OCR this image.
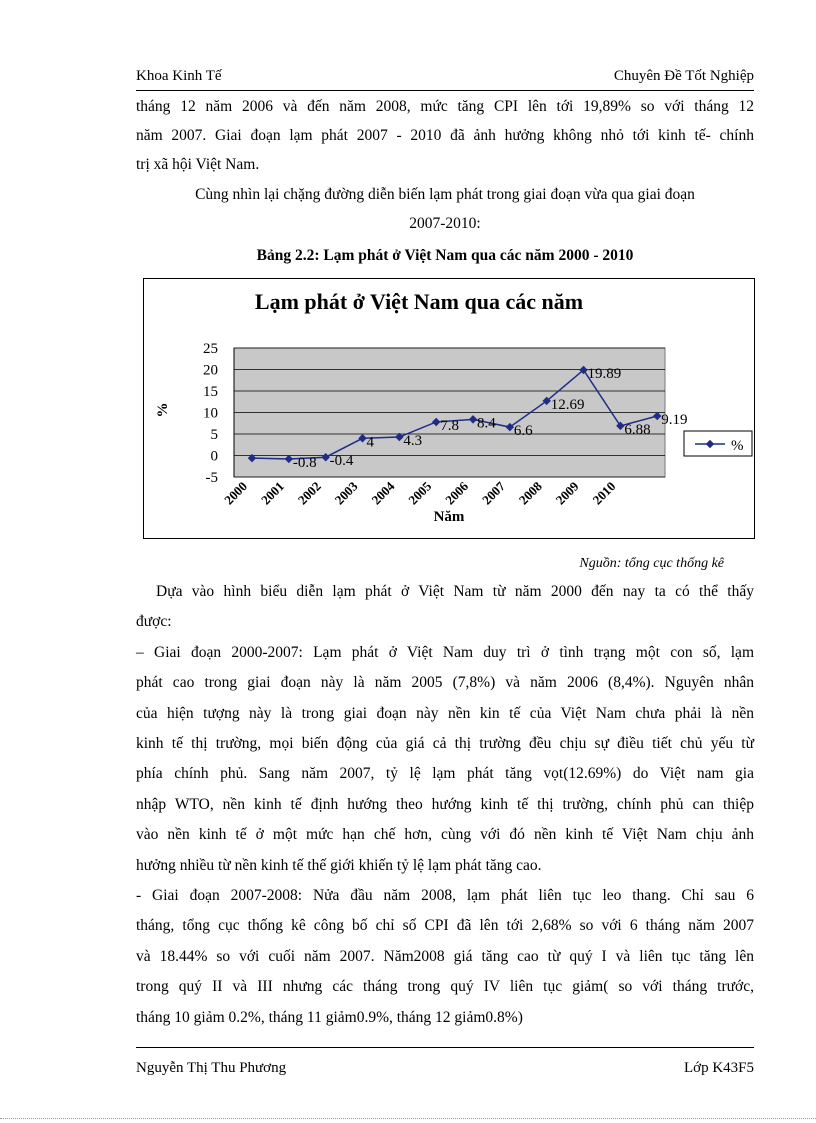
Khoa Kinh Tế	Chuyên Đề Tốt Nghiệp
tháng 12 năm 2006 và đến năm 2008, mức tăng CPI lên tới 19,89% so với tháng 12
năm 2007. Giai đoạn lạm phát 2007 - 2010 đã ảnh hưởng không nhỏ tới kinh tế- chính
trị xã hội Việt Nam.
Cùng nhìn lại chặng đường diễn biến lạm phát trong giai đoạn vừa qua giai đoạn
2007-2010:
Bảng 2.2: Lạm phát ở Việt Nam qua các năm 2000 - 2010
Lạm phát ở Việt Nam qua các năm
25
20
15
10
5
0
-5
2000 2001 2002 2003 2004 2005 2006 2007 2008 2009 2010
-0.8 -0.4
4 4.3
7.8 8.4 6.6
12.69
19.89
6.88
9.19
%
Năm
%
Nguồn: tổng cục thống kê
Dựa vào hình biểu diễn lạm phát ở Việt Nam từ năm 2000 đến nay ta có thể thấy
được:
– Giai đoạn 2000-2007: Lạm phát ở Việt Nam duy trì ở tình trạng một con số, lạm
phát cao trong giai đoạn này là năm 2005 (7,8%) và năm 2006 (8,4%). Nguyên nhân
của hiện tượng này là trong giai đoạn này nền kin tế của Việt Nam chưa phải là nền
kinh tế thị trường, mọi biến động của giá cả thị trường đều chịu sự điều tiết chủ yếu từ
phía chính phủ. Sang năm 2007, tỷ lệ lạm phát tăng vọt(12.69%) do Việt nam gia
nhập WTO, nền kinh tế định hướng theo hướng kinh tế thị trường, chính phủ can thiệp
vào nền kinh tế ở một mức hạn chế hơn, cùng với đó nền kinh tế Việt Nam chịu ảnh
hưởng nhiều từ nền kinh tế thế giới khiến tỷ lệ lạm phát tăng cao.
- Giai đoạn 2007-2008: Nửa đầu năm 2008, lạm phát liên tục leo thang. Chỉ sau 6
tháng, tổng cục thống kê công bố chỉ số CPI đã lên tới 2,68% so với 6 tháng năm 2007
và 18.44% so với cuối năm 2007. Năm2008 giá tăng cao từ quý I và liên tục tăng lên
trong quý II và III nhưng các tháng trong quý IV liên tục giảm( so với tháng trước,
tháng 10 giảm 0.2%, tháng 11 giảm0.9%, tháng 12 giảm0.8%)
Nguyễn Thị Thu Phương	Lớp K43F5
